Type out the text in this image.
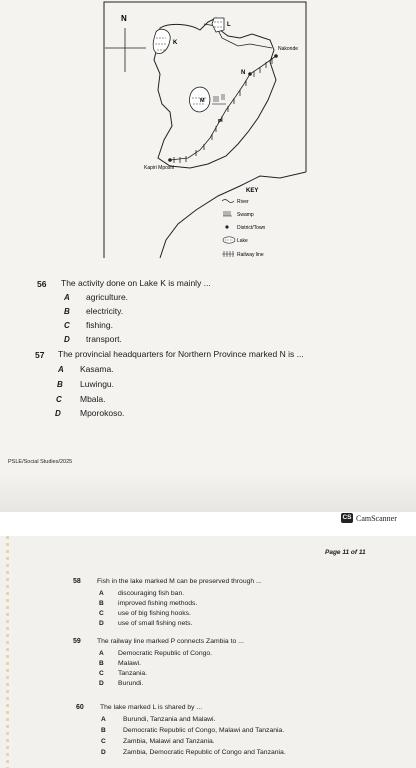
N
K
L
M
Nakonde
N
P
Kapiri Mposhi
KEY
River
Swamp
District/Town
Lake
Railway line
56 The activity done on Lake K is mainly ...
A agriculture.
B electricity.
C fishing.
D transport.
57 The provincial headquarters for Northern Province marked N is ...
A Kasama.
B Luwingu.
C Mbala.
D Mporokoso.
PSLE/Social Studies/2025
CS CamScanner
Page 11 of 11
58 Fish in the lake marked M can be preserved through ...
A discouraging fish ban.
B improved fishing methods.
C use of big fishing hooks.
D use of small fishing nets.
59 The railway line marked P connects Zambia to ...
A Democratic Republic of Congo.
B Malawi.
C Tanzania.
D Burundi.
60 The lake marked L is shared by ...
A	Burundi, Tanzania and Malawi.
B	Democratic Republic of Congo, Malawi and Tanzania.
C	Zambia, Malawi and Tanzania.
D	Zambia, Democratic Republic of Congo and Tanzania.
